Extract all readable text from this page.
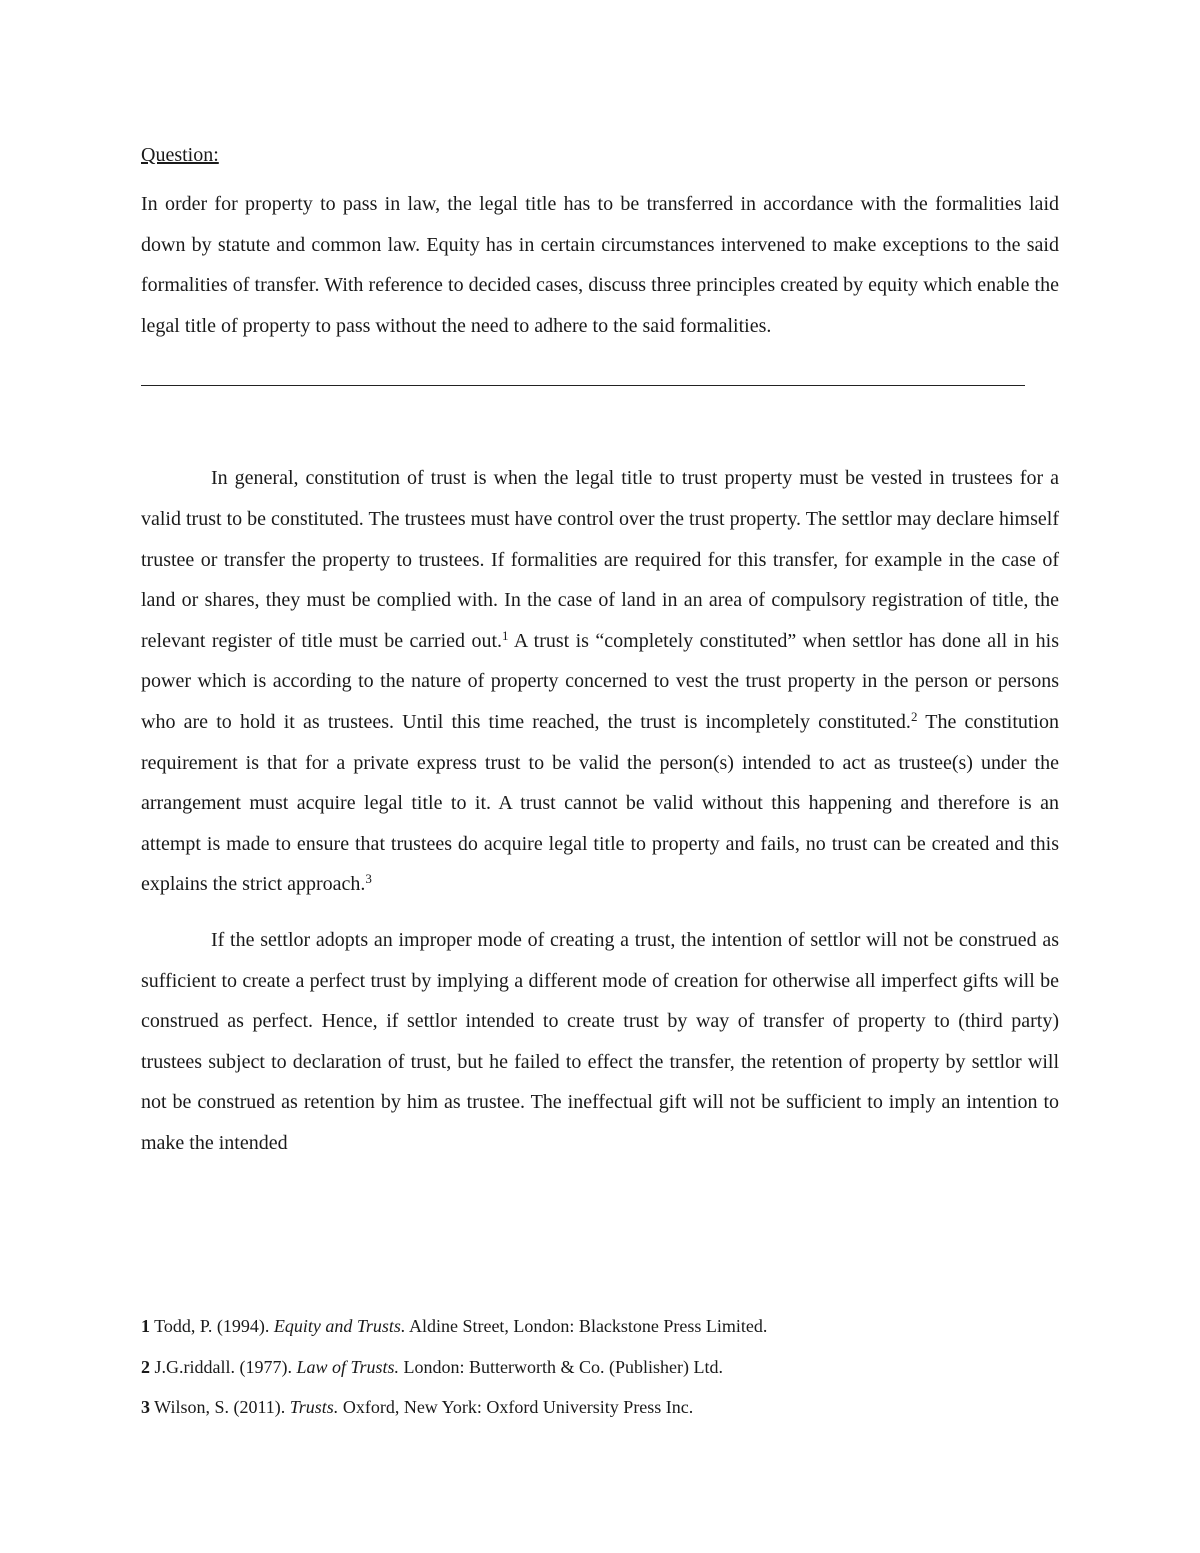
Question:

In order for property to pass in law, the legal title has to be transferred in accordance with the formalities laid down by statute and common law. Equity has in certain circumstances intervened to make exceptions to the said formalities of transfer. With reference to decided cases, discuss three principles created by equity which enable the legal title of property to pass without the need to adhere to the said formalities.

In general, constitution of trust is when the legal title to trust property must be vested in trustees for a valid trust to be constituted. The trustees must have control over the trust property. The settlor may declare himself trustee or transfer the property to trustees. If formalities are required for this transfer, for example in the case of land or shares, they must be complied with. In the case of land in an area of compulsory registration of title, the relevant register of title must be carried out.$^1$ A trust is “completely constituted” when settlor has done all in his power which is according to the nature of property concerned to vest the trust property in the person or persons who are to hold it as trustees. Until this time reached, the trust is incompletely constituted.$^2$ The constitution requirement is that for a private express trust to be valid the person(s) intended to act as trustee(s) under the arrangement must acquire legal title to it. A trust cannot be valid without this happening and therefore is an attempt is made to ensure that trustees do acquire legal title to property and fails, no trust can be created and this explains the strict approach.$^3$

If the settlor adopts an improper mode of creating a trust, the intention of settlor will not be construed as sufficient to create a perfect trust by implying a different mode of creation for otherwise all imperfect gifts will be construed as perfect. Hence, if settlor intended to create trust by way of transfer of property to (third party) trustees subject to declaration of trust, but he failed to effect the transfer, the retention of property by settlor will not be construed as retention by him as trustee. The ineffectual gift will not be sufficient to imply an intention to make the intended

1 Todd, P. (1994). Equity and Trusts. Aldine Street, London: Blackstone Press Limited.

2 J.G.riddall. (1977). Law of Trusts. London: Butterworth & Co. (Publisher) Ltd.

3 Wilson, S. (2011). Trusts. Oxford, New York: Oxford University Press Inc.
